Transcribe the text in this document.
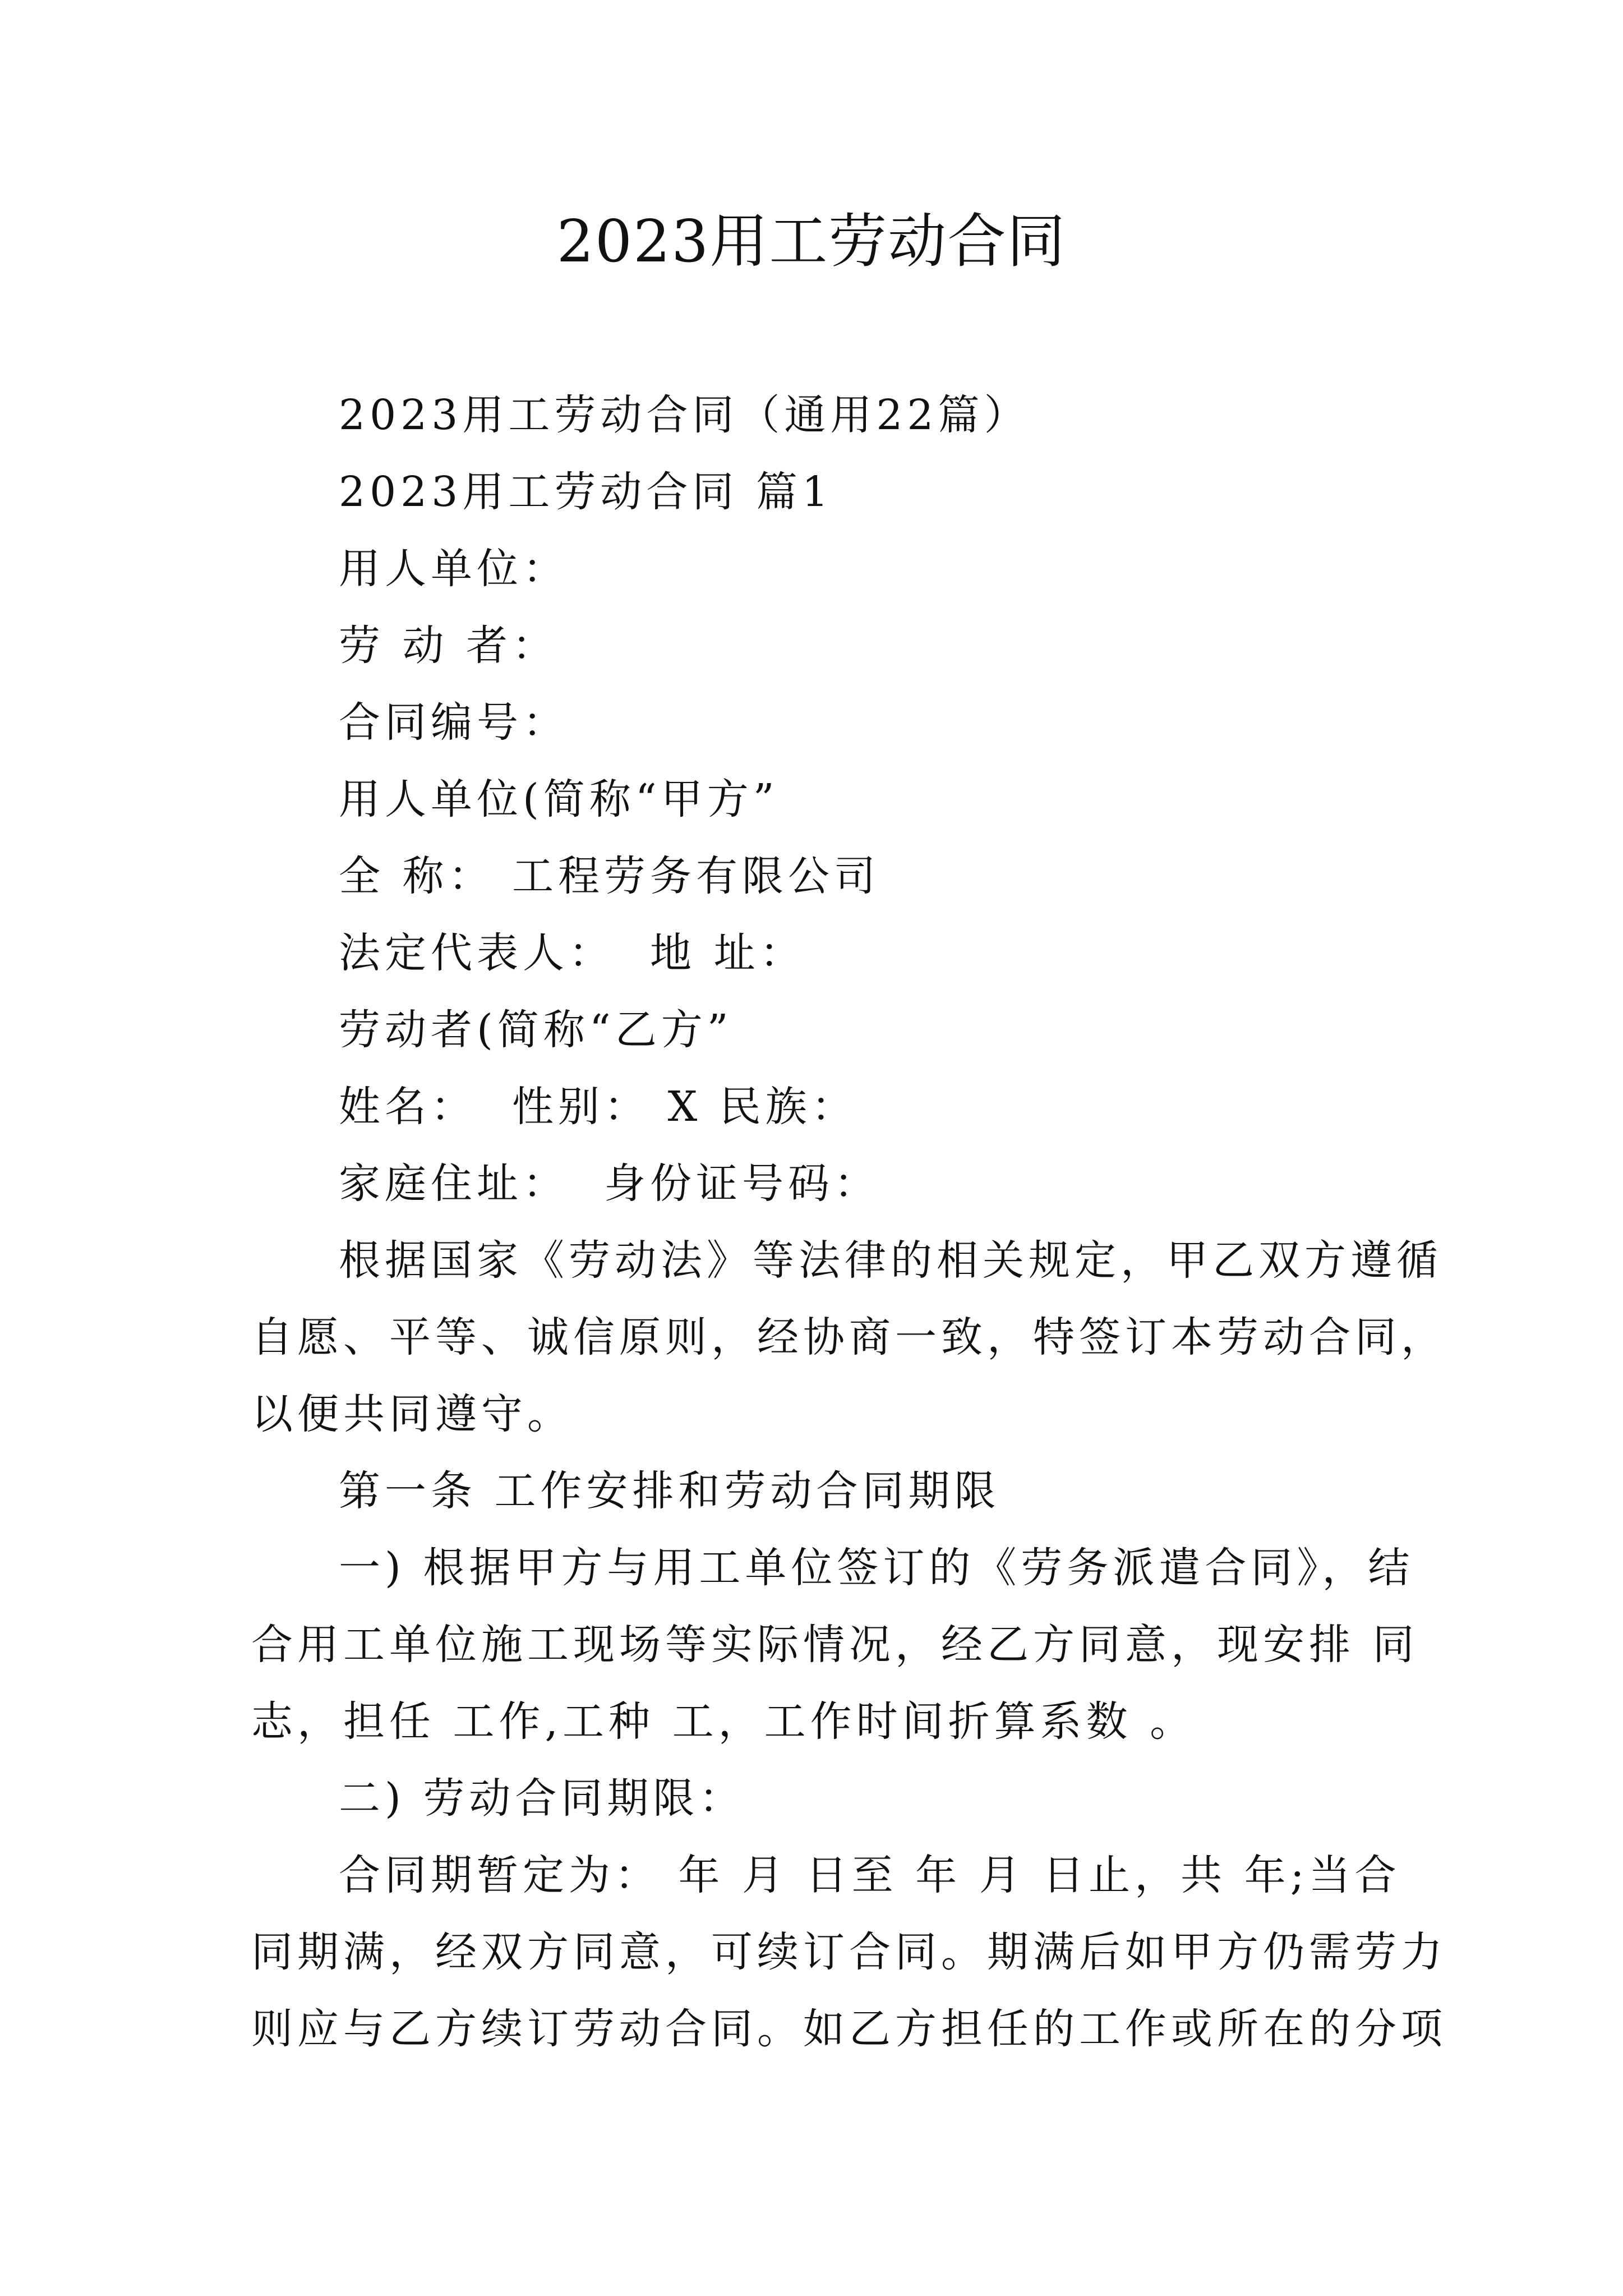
2023用工劳动合同

2023用工劳动合同（通用22篇）

2023用工劳动合同 篇1

用人单位：

劳 动 者：

合同编号：

用人单位(简称“甲方”

全 称： 工程劳务有限公司

法定代表人：  地 址：

劳动者(简称“乙方”

姓名：  性别： X 民族：

家庭住址：  身份证号码：

根据国家《劳动法》等法律的相关规定，甲乙双方遵循

自愿、平等、诚信原则，经协商一致，特签订本劳动合同，

以便共同遵守。

第一条 工作安排和劳动合同期限

一) 根据甲方与用工单位签订的《劳务派遣合同》，结

合用工单位施工现场等实际情况，经乙方同意，现安排 同

志，担任 工作,工种 工，工作时间折算系数 。

二) 劳动合同期限：

合同期暂定为： 年 月 日至 年 月 日止，共 年;当合

同期满，经双方同意，可续订合同。期满后如甲方仍需劳力

则应与乙方续订劳动合同。如乙方担任的工作或所在的分项
